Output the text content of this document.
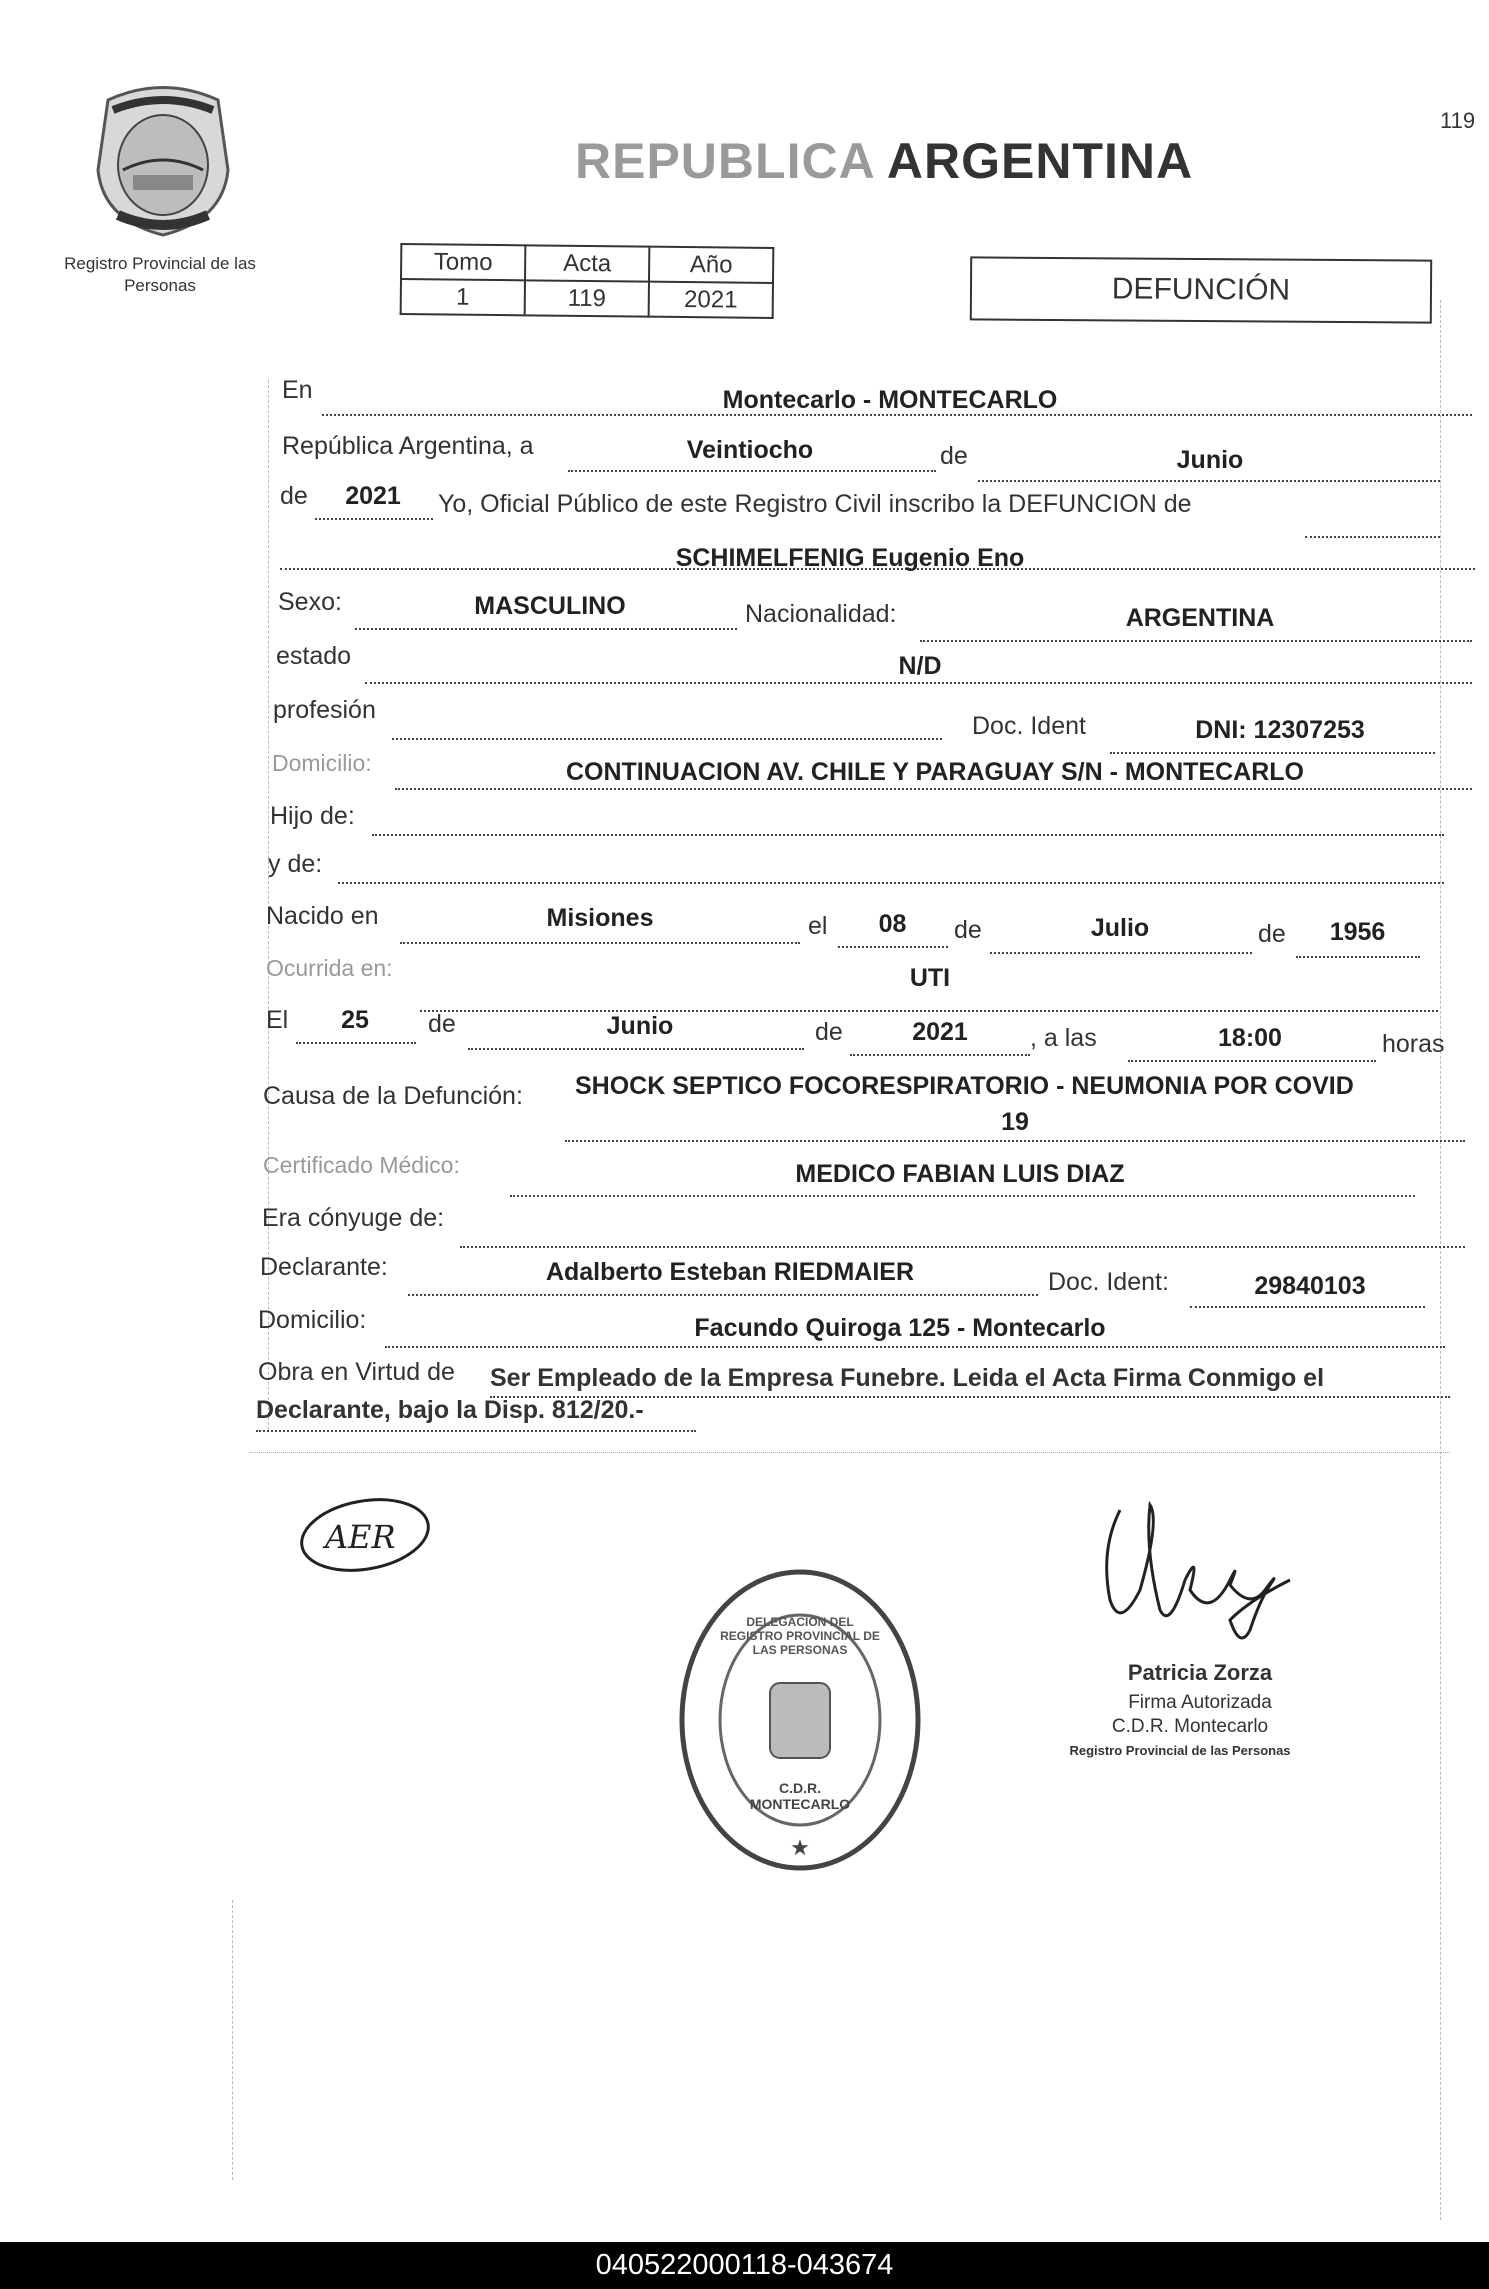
119
Registro Provincial de las Personas
REPUBLICA ARGENTINA
Tomo	Acta	Año
1	119	2021	DEFUNCIÓN
En	Montecarlo - MONTECARLO
República Argentina, a	Veintiocho	de	Junio
de	2021	Yo, Oficial Público de este Registro Civil inscribo la DEFUNCION de
SCHIMELFENIG Eugenio Eno
Sexo:	MASCULINO	Nacionalidad:	ARGENTINA
estado	N/D
profesión
Doc. Ident	DNI: 12307253
Domicilio:	CONTINUACION AV. CHILE Y PARAGUAY S/N - MONTECARLO
Hijo de:
y de:
Nacido en	Misiones	el	08	de	Julio	de	1956
Ocurrida en:	UTI
El	25	de	Junio	de	2021	, a las	18:00	horas
Causa de la Defunción: SHOCK SEPTICO FOCORESPIRATORIO - NEUMONIA POR COVID
19
Certificado Médico:	MEDICO FABIAN LUIS DIAZ
Era cónyuge de:
Declarante:	Adalberto Esteban RIEDMAIER	Doc. Ident:	29840103
Domicilio:	Facundo Quiroga 125 - Montecarlo
Obra en Virtud de Ser Empleado de la Empresa Funebre. Leida el Acta Firma Conmigo el
Declarante, bajo la Disp. 812/20.-
AER
★
DELEGACION DEL REGISTRO PROVINCIAL DE LAS PERSONAS
C.D.R. MONTECARLO
Patricia Zorza
Firma Autorizada
C.D.R. Montecarlo
Registro Provincial de las Personas
040522000118-043674
